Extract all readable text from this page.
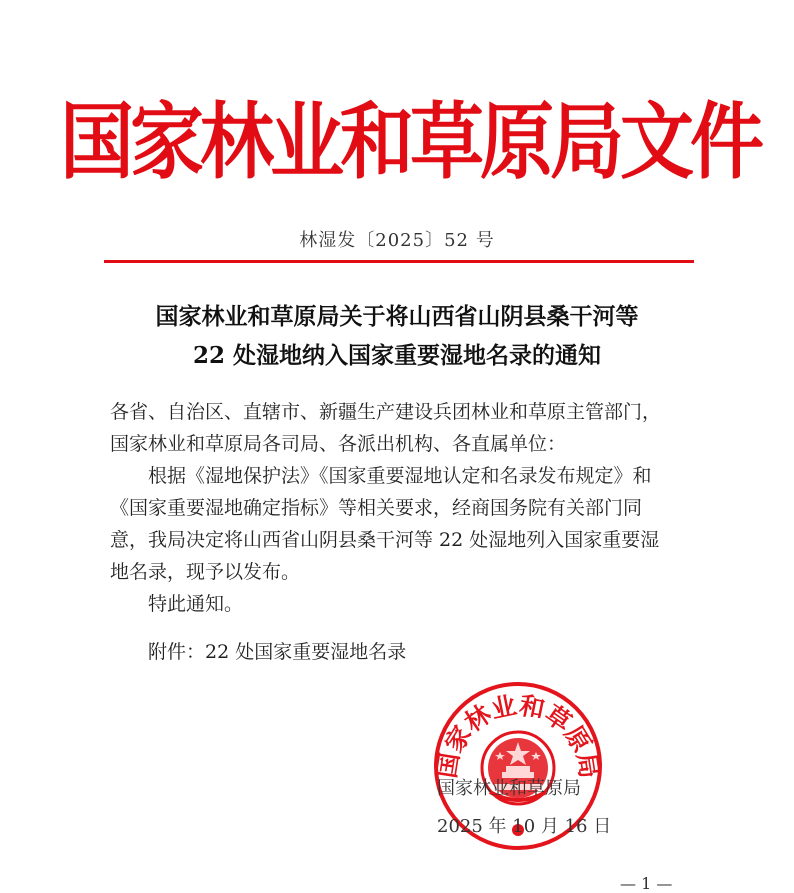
国家林业和草原局文件
林湿发〔2025〕52 号
国家林业和草原局关于将山西省山阴县桑干河等
22 处湿地纳入国家重要湿地名录的通知
各省、自治区、直辖市、新疆生产建设兵团林业和草原主管部门，
国家林业和草原局各司局、各派出机构、各直属单位：
根据《湿地保护法》《国家重要湿地认定和名录发布规定》和
《国家重要湿地确定指标》等相关要求，经商国务院有关部门同
意，我局决定将山西省山阴县桑干河等 22 处湿地列入国家重要湿
地名录，现予以发布。
特此通知。
附件：22 处国家重要湿地名录
国家林业和草原局
国家林业和草原局
2025 年 10 月 16 日
— 1 —
